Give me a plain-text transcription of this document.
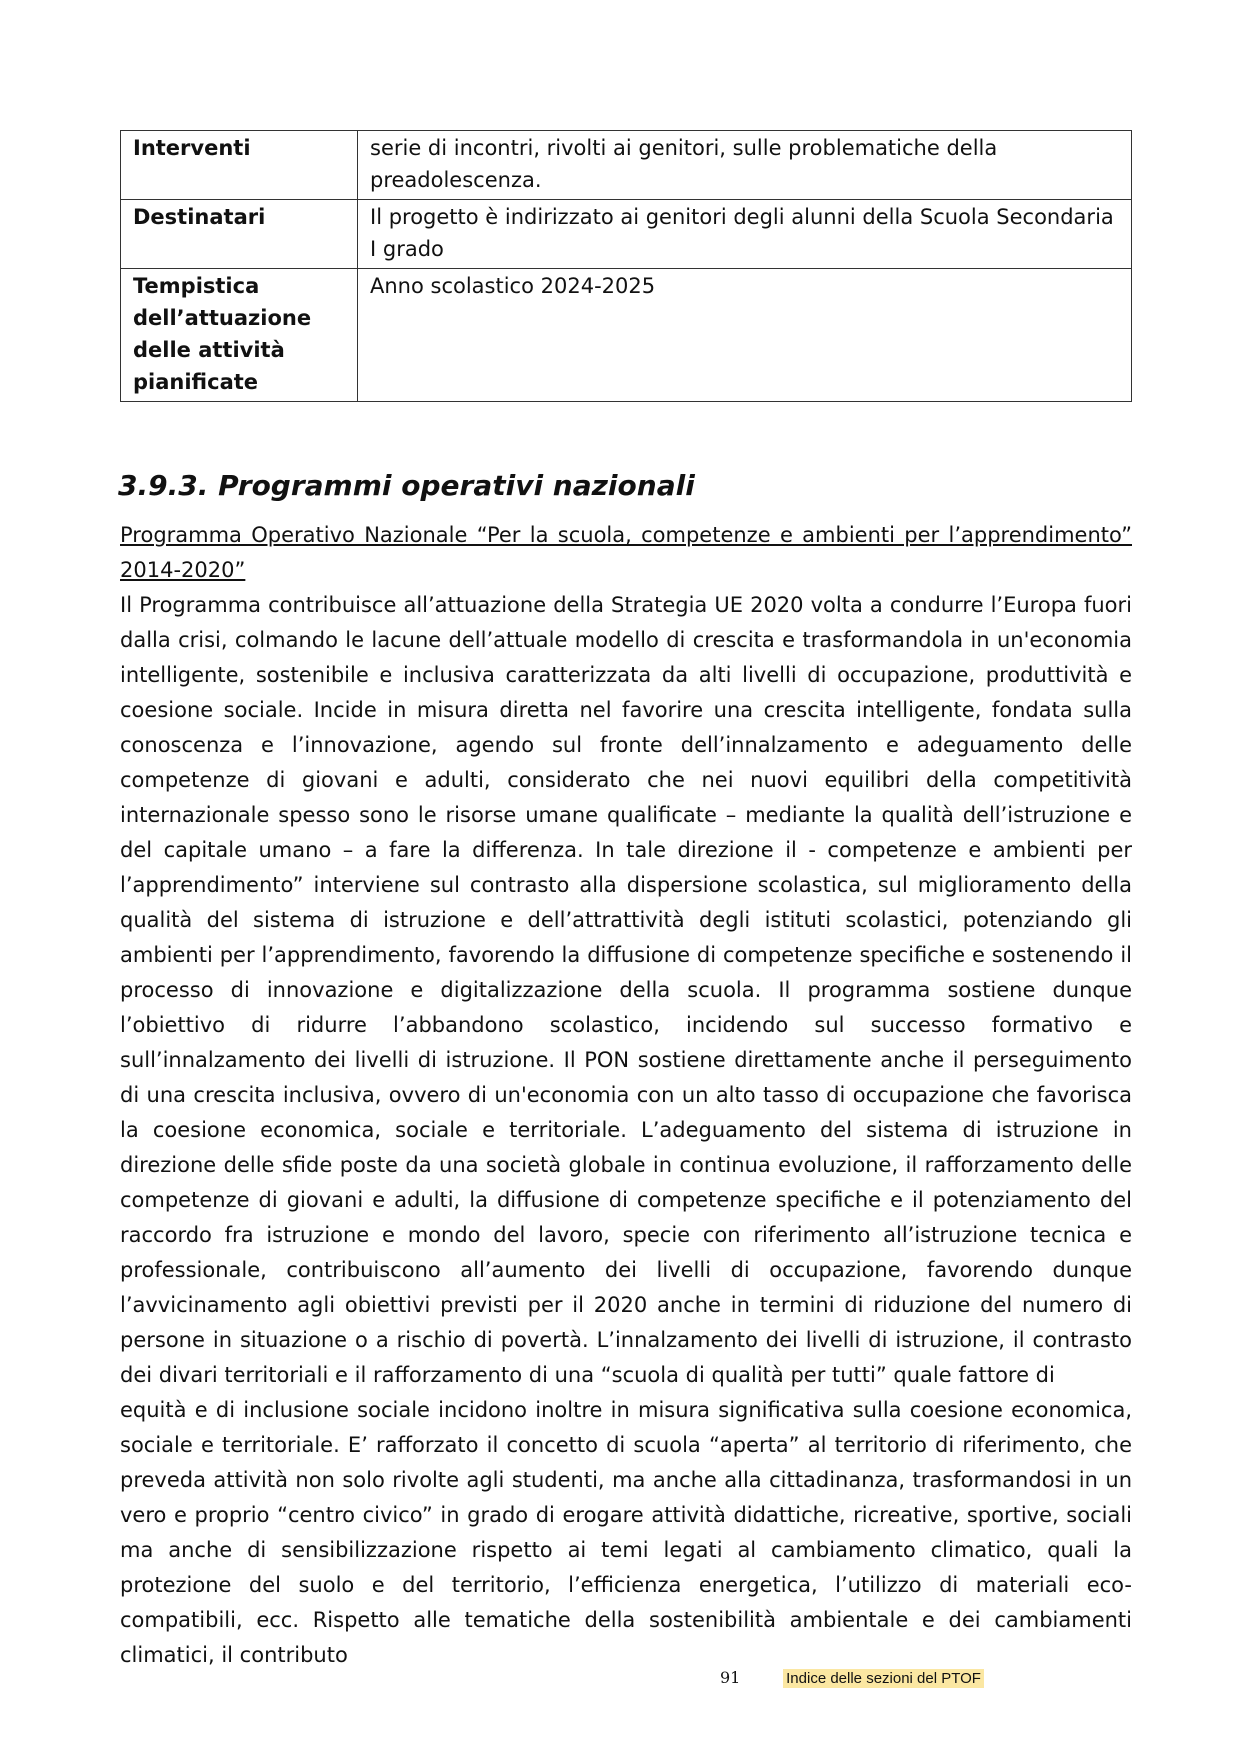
Interventi	serie di incontri, rivolti ai genitori, sulle problematiche della preadolescenza.
Destinatari	Il progetto è indirizzato ai genitori degli alunni della Scuola Secondaria I grado
Tempistica dell’attuazione delle attività pianificate	Anno scolastico 2024-2025
3.9.3. Programmi operativi nazionali

Programma Operativo Nazionale “Per la scuola, competenze e ambienti per l’apprendimento” 2014-2020”

Il Programma contribuisce all’attuazione della Strategia UE 2020 volta a condurre l’Europa fuori dalla crisi, colmando le lacune dell’attuale modello di crescita e trasformandola in un'economia intelligente, sostenibile e inclusiva caratterizzata da alti livelli di occupazione, produttività e coesione sociale. Incide in misura diretta nel favorire una crescita intelligente, fondata sulla conoscenza e l’innovazione, agendo sul fronte dell’innalzamento e adeguamento delle competenze di giovani e adulti, considerato che nei nuovi equilibri della competitività internazionale spesso sono le risorse umane qualificate – mediante la qualità dell’istruzione e del capitale umano – a fare la differenza. In tale direzione il - competenze e ambienti per l’apprendimento” interviene sul contrasto alla dispersione scolastica, sul miglioramento della qualità del sistema di istruzione e dell’attrattività degli istituti scolastici, potenziando gli ambienti per l’apprendimento, favorendo la diffusione di competenze specifiche e sostenendo il processo di innovazione e digitalizzazione della scuola. Il programma sostiene dunque l’obiettivo di ridurre l’abbandono scolastico, incidendo sul successo formativo e sull’innalzamento dei livelli di istruzione. Il PON sostiene direttamente anche il perseguimento di una crescita inclusiva, ovvero di un'economia con un alto tasso di occupazione che favorisca la coesione economica, sociale e territoriale. L’adeguamento del sistema di istruzione in direzione delle sfide poste da una società globale in continua evoluzione, il rafforzamento delle competenze di giovani e adulti, la diffusione di competenze specifiche e il potenziamento del raccordo fra istruzione e mondo del lavoro, specie con riferimento all’istruzione tecnica e professionale, contribuiscono all’aumento dei livelli di occupazione, favorendo dunque l’avvicinamento agli obiettivi previsti per il 2020 anche in termini di riduzione del numero di persone in situazione o a rischio di povertà. L’innalzamento dei livelli di istruzione, il contrasto dei divari territoriali e il rafforzamento di una “scuola di qualità per tutti” quale fattore di

equità e di inclusione sociale incidono inoltre in misura significativa sulla coesione economica, sociale e territoriale. E’ rafforzato il concetto di scuola “aperta” al territorio di riferimento, che preveda attività non solo rivolte agli studenti, ma anche alla cittadinanza, trasformandosi in un vero e proprio “centro civico” in grado di erogare attività didattiche, ricreative, sportive, sociali ma anche di sensibilizzazione rispetto ai temi legati al cambiamento climatico, quali la protezione del suolo e del territorio, l’efficienza energetica, l’utilizzo di materiali eco-compatibili, ecc. Rispetto alle tematiche della sostenibilità ambientale e dei cambiamenti climatici, il contributo

91	Indice delle sezioni del PTOF
